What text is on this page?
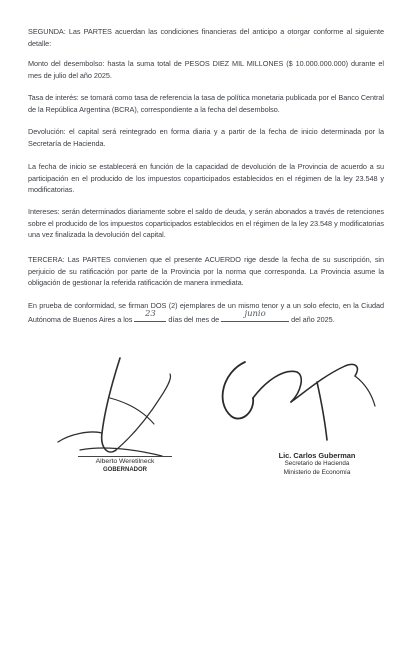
SEGUNDA: Las PARTES acuerdan las condiciones financieras del anticipo a otorgar conforme al siguiente detalle:
Monto del desembolso: hasta la suma total de PESOS DIEZ MIL MILLONES ($ 10.000.000.000) durante el mes de julio del año 2025.
Tasa de interés: se tomará como tasa de referencia la tasa de política monetaria publicada por el Banco Central de la República Argentina (BCRA), correspondiente a la fecha del desembolso.
Devolución: el capital será reintegrado en forma diaria y a partir de la fecha de inicio determinada por la Secretaría de Hacienda.
La fecha de inicio se establecerá en función de la capacidad de devolución de la Provincia de acuerdo a su participación en el producido de los impuestos coparticipados establecidos en el régimen de la ley 23.548 y modificatorias.
Intereses: serán determinados diariamente sobre el saldo de deuda, y serán abonados a través de retenciones sobre el producido de los impuestos coparticipados establecidos en el régimen de la ley 23.548 y modificatorias una vez finalizada la devolución del capital.
TERCERA: Las PARTES convienen que el presente ACUERDO rige desde la fecha de su suscripción, sin perjuicio de su ratificación por parte de la Provincia por la norma que corresponda. La Provincia asume la obligación de gestionar la referida ratificación de manera inmediata.
En prueba de conformidad, se firman DOS (2) ejemplares de un mismo tenor y a un solo efecto, en la Ciudad Autónoma de Buenos Aires a los
23
días del mes de
junio
del año 2025.
Alberto Weretilneck
GOBERNADOR
Lic. Carlos Guberman
Secretario de Hacienda
Ministerio de Economía
